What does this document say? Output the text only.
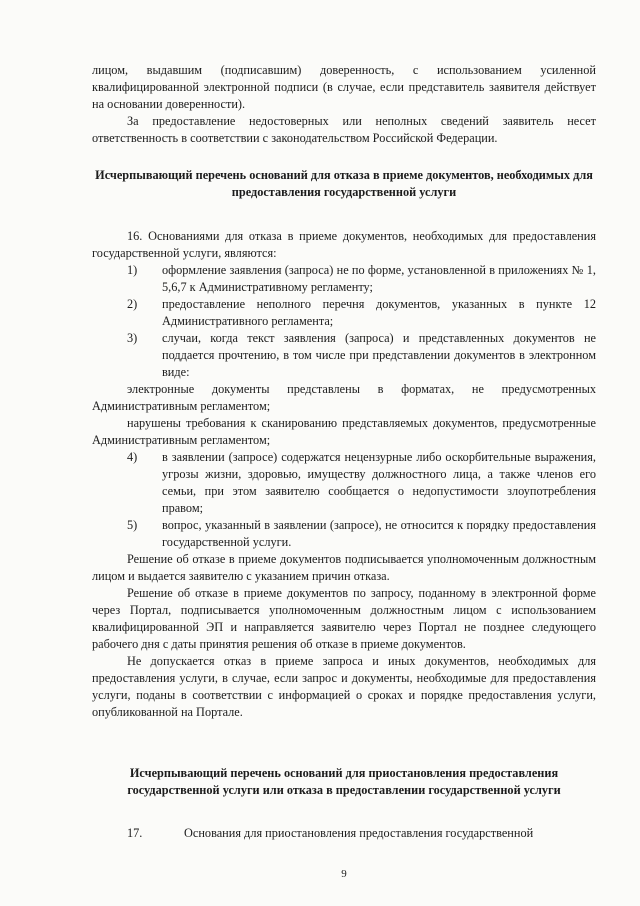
лицом, выдавшим (подписавшим) доверенность, с использованием усиленной квалифицированной электронной подписи (в случае, если представитель заявителя действует на основании доверенности).

За предоставление недостоверных или неполных сведений заявитель несет ответственность в соответствии с законодательством Российской Федерации.

Исчерпывающий перечень оснований для отказа в приеме документов, необходимых для предоставления государственной услуги

16. Основаниями для отказа в приеме документов, необходимых для предоставления государственной услуги, являются:

1)	оформление заявления (запроса) не по форме, установленной в приложениях № 1, 5,6,7 к Административному регламенту;

2)	предоставление неполного перечня документов, указанных в пункте 12 Административного регламента;

3)	случаи, когда текст заявления (запроса) и представленных документов не поддается прочтению, в том числе при представлении документов в электронном виде:

электронные документы представлены в форматах, не предусмотренных Административным регламентом;

нарушены требования к сканированию представляемых документов, предусмотренные Административным регламентом;

4)	в заявлении (запросе) содержатся нецензурные либо оскорбительные выражения, угрозы жизни, здоровью, имуществу должностного лица, а также членов его семьи, при этом заявителю сообщается о недопустимости злоупотребления правом;

5)	вопрос, указанный в заявлении (запросе), не относится к порядку предоставления государственной услуги.

Решение об отказе в приеме документов подписывается уполномоченным должностным лицом и выдается заявителю с указанием причин отказа.

Решение об отказе в приеме документов по запросу, поданному в электронной форме через Портал, подписывается уполномоченным должностным лицом с использованием квалифицированной ЭП и направляется заявителю через Портал не позднее следующего рабочего дня с даты принятия решения об отказе в приеме документов.

Не допускается отказ в приеме запроса и иных документов, необходимых для предоставления услуги, в случае, если запрос и документы, необходимые для предоставления услуги, поданы в соответствии с информацией о сроках и порядке предоставления услуги, опубликованной на Портале.

Исчерпывающий перечень оснований для приостановления предоставления государственной услуги или отказа в предоставлении государственной услуги

17.	Основания для приостановления предоставления государственной

9
